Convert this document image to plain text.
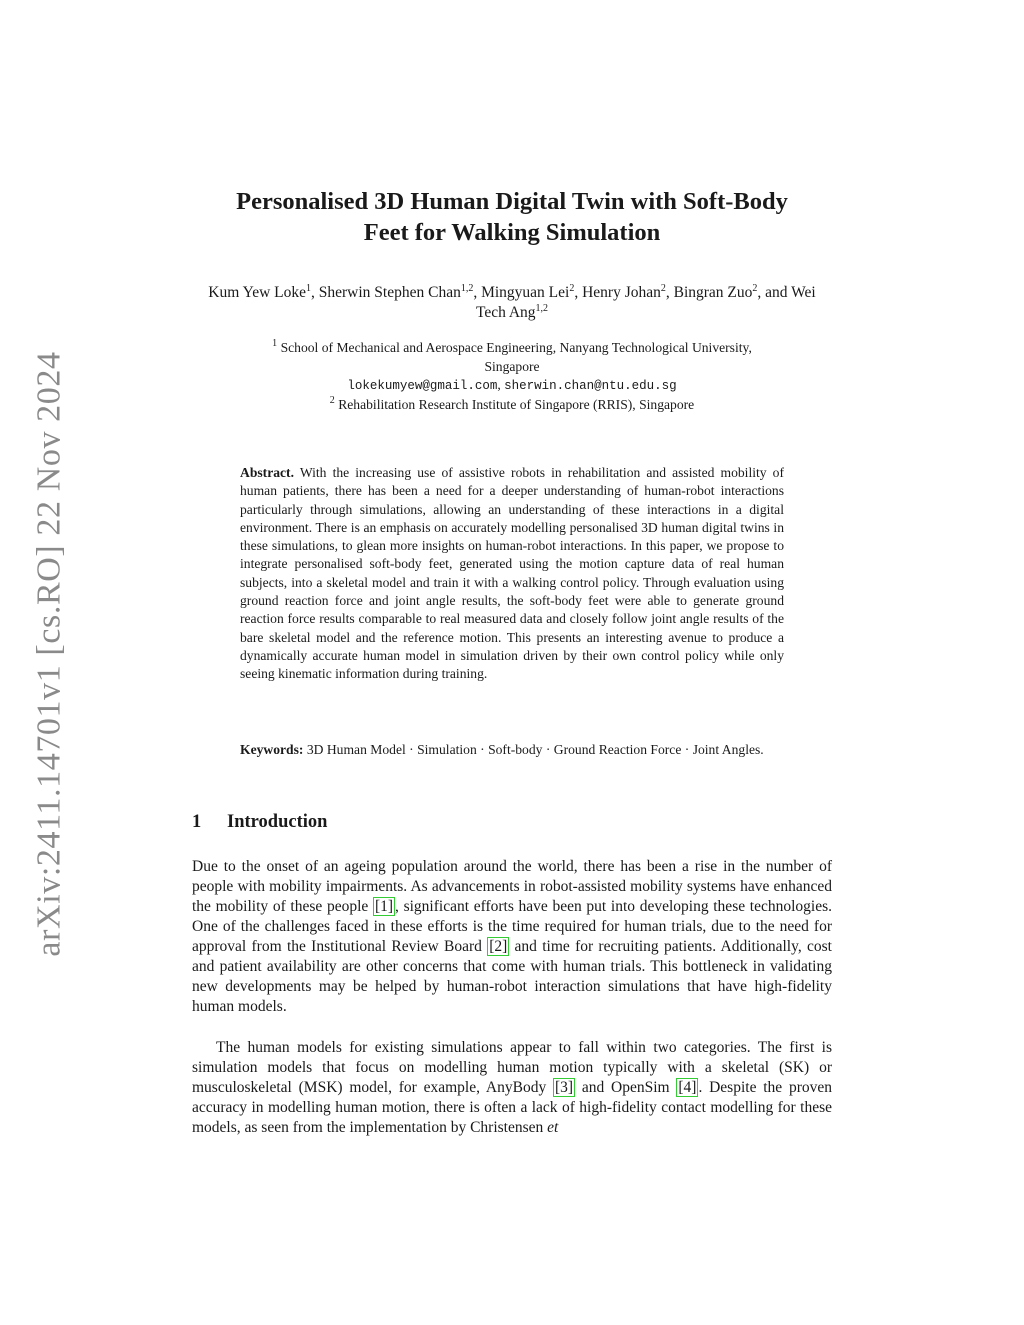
arXiv:2411.14701v1 [cs.RO] 22 Nov 2024
Personalised 3D Human Digital Twin with Soft-Body
Feet for Walking Simulation
Kum Yew Loke$^1$, Sherwin Stephen Chan$^{1,2}$, Mingyuan Lei$^2$, Henry Johan$^2$, Bingran Zuo$^2$, and Wei Tech Ang$^{1,2}$
$^1$ School of Mechanical and Aerospace Engineering, Nanyang Technological University,
Singapore
lokekumyew@gmail.com, sherwin.chan@ntu.edu.sg
$^2$ Rehabilitation Research Institute of Singapore (RRIS), Singapore
Abstract. With the increasing use of assistive robots in rehabilitation and assisted mobility of human patients, there has been a need for a deeper understanding of human-robot interactions particularly through simulations, allowing an understanding of these interactions in a digital environment. There is an emphasis on accurately modelling personalised 3D human digital twins in these simulations, to glean more insights on human-robot interactions. In this paper, we propose to integrate personalised soft-body feet, generated using the motion capture data of real human subjects, into a skeletal model and train it with a walking control policy. Through evaluation using ground reaction force and joint angle results, the soft-body feet were able to generate ground reaction force results comparable to real measured data and closely follow joint angle results of the bare skeletal model and the reference motion. This presents an interesting avenue to produce a dynamically accurate human model in simulation driven by their own control policy while only seeing kinematic information during training.
Keywords: 3D Human Model · Simulation · Soft-body · Ground Reaction Force · Joint Angles.
1 Introduction

Due to the onset of an ageing population around the world, there has been a rise in the number of people with mobility impairments. As advancements in robot-assisted mobility systems have enhanced the mobility of these people [1] , significant efforts have been put into developing these technologies. One of the challenges faced in these efforts is the time required for human trials, due to the need for approval from the Institutional Review Board [2] and time for recruiting patients. Additionally, cost and patient availability are other concerns that come with human trials. This bottleneck in validating new developments may be helped by human-robot interaction simulations that have high-fidelity human models.

The human models for existing simulations appear to fall within two categories. The first is simulation models that focus on modelling human motion typically with a skeletal (SK) or musculoskeletal (MSK) model, for example, AnyBody [3] and OpenSim [4] . Despite the proven accuracy in modelling human motion, there is often a lack of high-fidelity contact modelling for these models, as seen from the implementation by Christensen et
